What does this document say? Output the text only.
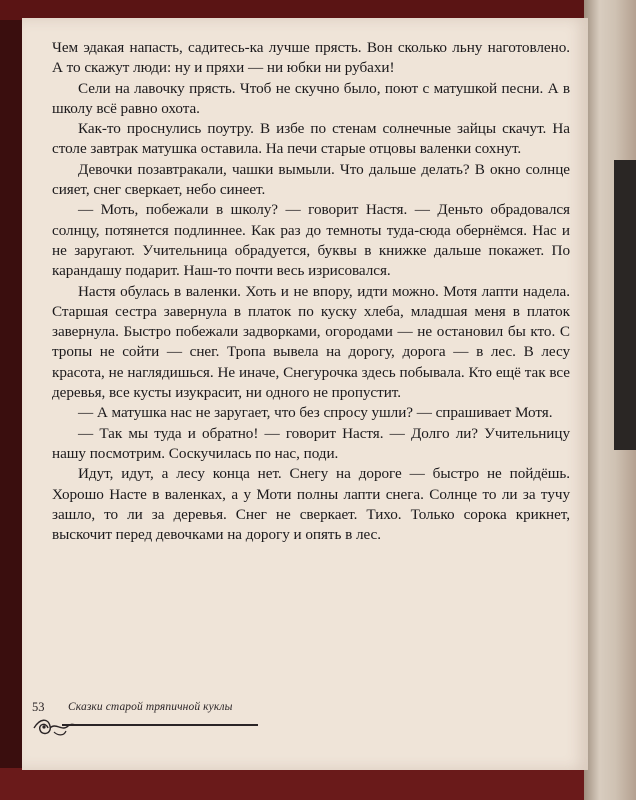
Чем эдакая напасть, садитесь-ка лучше прясть. Вон сколько льну наготовлено. А то скажут люди: ну и пряхи — ни юбки ни рубахи!

Сели на лавочку прясть. Чтоб не скучно было, поют с матушкой песни. А в школу всё равно охота.

Как-то проснулись поутру. В избе по стенам солнечные зайцы скачут. На столе завтрак матушка оставила. На печи старые отцовы валенки сохнут.

Девочки позавтракали, чашки вымыли. Что дальше делать? В окно солнце сияет, снег сверкает, небо синеет.

— Моть, побежали в школу? — говорит Настя. — Деньто обрадовался солнцу, потянется подлиннее. Как раз до темноты туда-сюда обернёмся. Нас и не заругают. Учительница обрадуется, буквы в книжке дальше покажет. По карандашу подарит. Наш-то почти весь изрисовался.

Настя обулась в валенки. Хоть и не впору, идти можно. Мотя лапти надела. Старшая сестра завернула в платок по куску хлеба, младшая меня в платок завернула. Быстро побежали задворками, огородами — не остановил бы кто. С тропы не сойти — снег. Тропа вывела на дорогу, дорога — в лес. В лесу красота, не наглядишься. Не иначе, Снегурочка здесь побывала. Кто ещё так все деревья, все кусты изукрасит, ни одного не пропустит.

— А матушка нас не заругает, что без спросу ушли? — спрашивает Мотя.

— Так мы туда и обратно! — говорит Настя. — Долго ли? Учительницу нашу посмотрим. Соскучилась по нас, поди.

Идут, идут, а лесу конца нет. Снегу на дороге — быстро не пойдёшь. Хорошо Насте в валенках, а у Моти полны лапти снега. Солнце то ли за тучу зашло, то ли за деревья. Снег не сверкает. Тихо. Только сорока крикнет, выскочит перед девочками на дорогу и опять в лес.

53 Сказки старой тряпичной куклы
